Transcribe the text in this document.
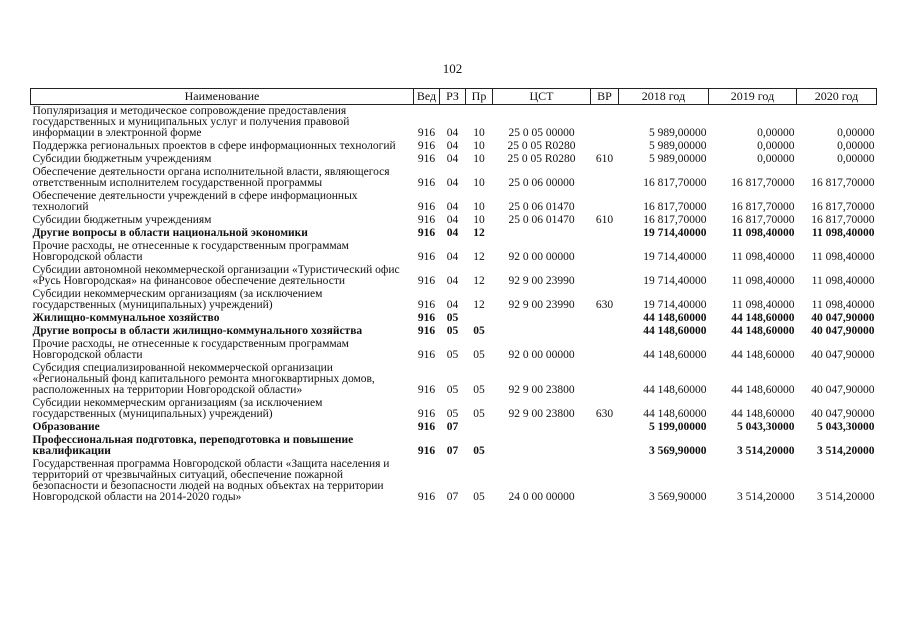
102
Наименование	Вед	РЗ	Пр	ЦСТ	ВР	2018 год	2019 год	2020 год
Популяризация и методическое сопровождение предоставления государственных и муниципальных услуг и получения правовой информации в электронной форме	916	04	10	25 0 05 00000		5 989,00000	0,00000	0,00000
Поддержка региональных проектов в сфере информационных технологий	916	04	10	25 0 05 R0280		5 989,00000	0,00000	0,00000
Субсидии бюджетным учреждениям	916	04	10	25 0 05 R0280	610	5 989,00000	0,00000	0,00000
Обеспечение деятельности органа исполнительной власти, являющегося ответственным исполнителем государственной программы	916	04	10	25 0 06 00000		16 817,70000	16 817,70000	16 817,70000
Обеспечение деятельности учреждений в сфере информационных технологий	916	04	10	25 0 06 01470		16 817,70000	16 817,70000	16 817,70000
Субсидии бюджетным учреждениям	916	04	10	25 0 06 01470	610	16 817,70000	16 817,70000	16 817,70000
Другие вопросы в области национальной экономики	916	04	12			19 714,40000	11 098,40000	11 098,40000
Прочие расходы, не отнесенные к государственным программам Новгородской области	916	04	12	92 0 00 00000		19 714,40000	11 098,40000	11 098,40000
Субсидии автономной некоммерческой организации «Туристический офис «Русь Новгородская» на финансовое обеспечение деятельности	916	04	12	92 9 00 23990		19 714,40000	11 098,40000	11 098,40000
Субсидии некоммерческим организациям (за исключением государственных (муниципальных) учреждений)	916	04	12	92 9 00 23990	630	19 714,40000	11 098,40000	11 098,40000
Жилищно-коммунальное хозяйство	916	05				44 148,60000	44 148,60000	40 047,90000
Другие вопросы в области жилищно-коммунального хозяйства	916	05	05			44 148,60000	44 148,60000	40 047,90000
Прочие расходы, не отнесенные к государственным программам Новгородской области	916	05	05	92 0 00 00000		44 148,60000	44 148,60000	40 047,90000
Субсидия специализированной некоммерческой организации «Региональный фонд капитального ремонта многоквартирных домов, расположенных на территории Новгородской области»	916	05	05	92 9 00 23800		44 148,60000	44 148,60000	40 047,90000
Субсидии некоммерческим организациям (за исключением государственных (муниципальных) учреждений)	916	05	05	92 9 00 23800	630	44 148,60000	44 148,60000	40 047,90000
Образование	916	07				5 199,00000	5 043,30000	5 043,30000
Профессиональная подготовка, переподготовка и повышение квалификации	916	07	05			3 569,90000	3 514,20000	3 514,20000
Государственная программа Новгородской области «Защита населения и территорий от чрезвычайных ситуаций, обеспечение пожарной безопасности и безопасности людей на водных объектах на территории Новгородской области на 2014-2020 годы»	916	07	05	24 0 00 00000		3 569,90000	3 514,20000	3 514,20000
